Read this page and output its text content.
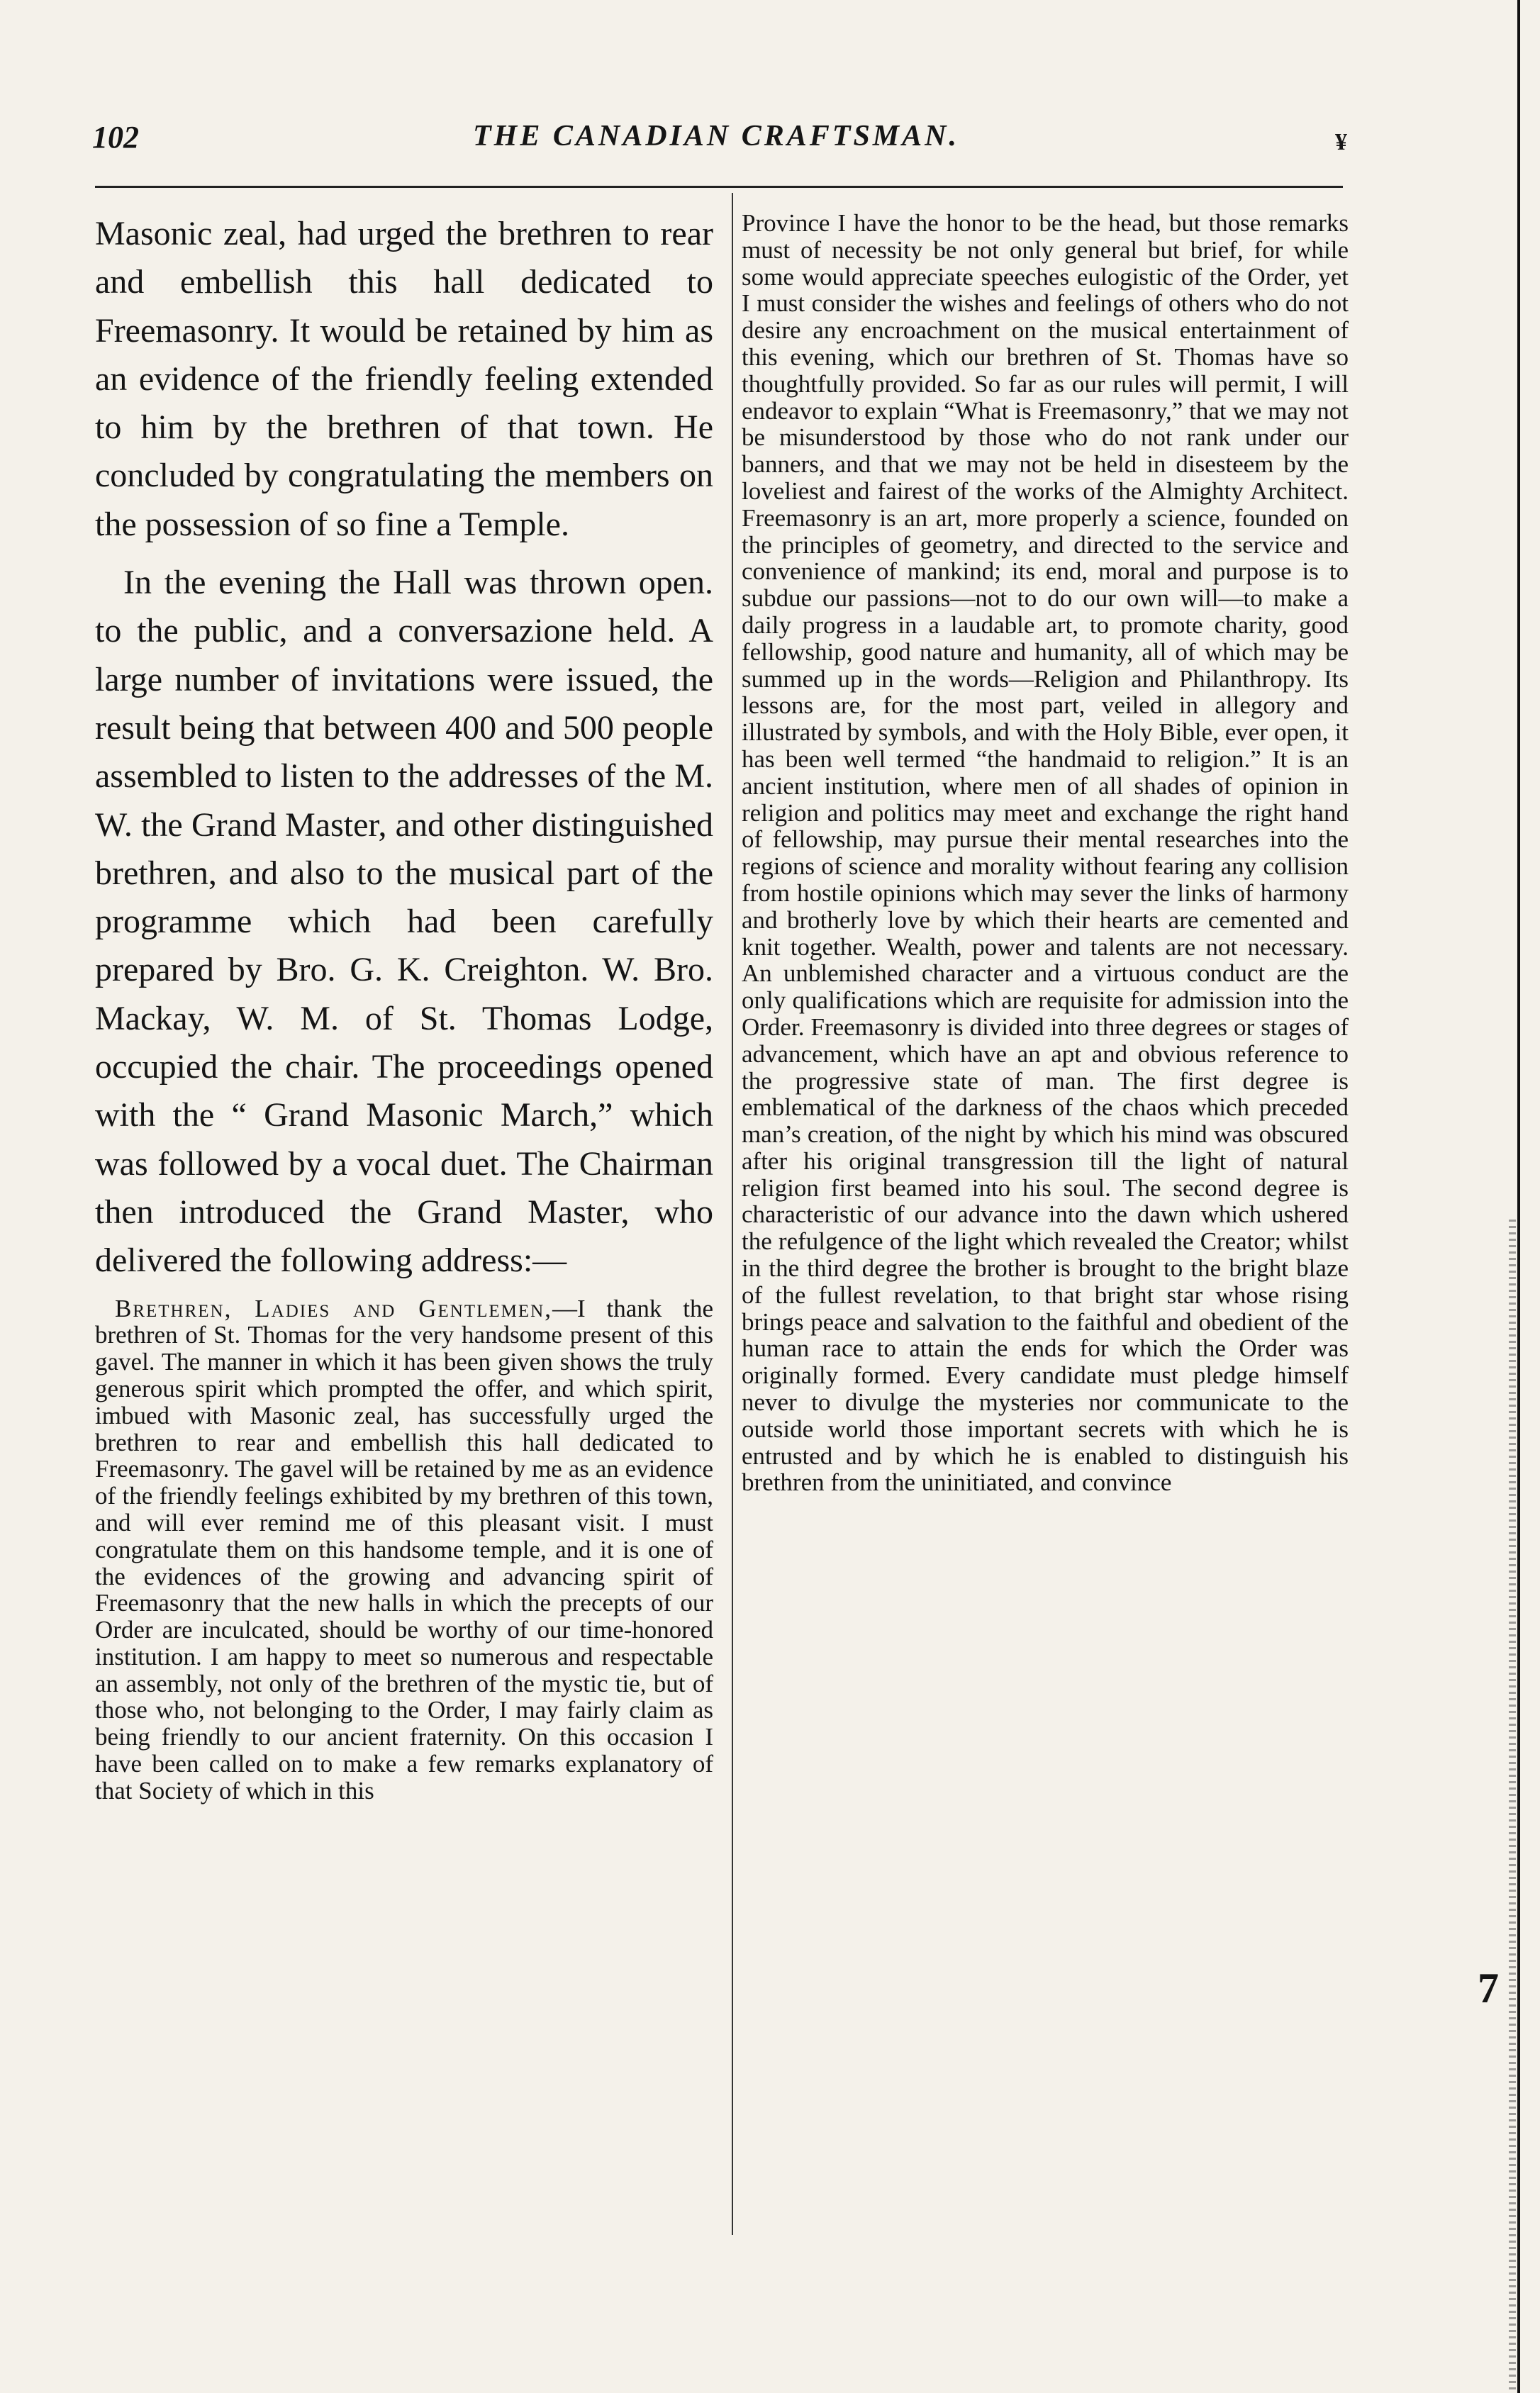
102	THE CANADIAN CRAFTSMAN.	¥

Masonic zeal, had urged the brethren to rear and embellish this hall dedicated to Freemasonry. It would be retained by him as an evidence of the friendly feeling extended to him by the brethren of that town. He concluded by congratulating the members on the possession of so fine a Temple.

In the evening the Hall was thrown open. to the public, and a conversazione held. A large number of invitations were issued, the result being that between 400 and 500 people assembled to listen to the addresses of the M. W. the Grand Master, and other distinguished brethren, and also to the musical part of the programme which had been carefully prepared by Bro. G. K. Creighton. W. Bro. Mackay, W. M. of St. Thomas Lodge, occupied the chair. The proceedings opened with the “ Grand Masonic March,” which was followed by a vocal duet. The Chairman then introduced the Grand Master, who delivered the following address:—

Brethren, Ladies and Gentlemen,—I thank the brethren of St. Thomas for the very handsome present of this gavel. The manner in which it has been given shows the truly generous spirit which prompted the offer, and which spirit, imbued with Masonic zeal, has successfully urged the brethren to rear and embellish this hall dedicated to Freemasonry. The gavel will be retained by me as an evidence of the friendly feelings exhibited by my brethren of this town, and will ever remind me of this pleasant visit. I must congratulate them on this handsome temple, and it is one of the evidences of the growing and advancing spirit of Freemasonry that the new halls in which the precepts of our Order are inculcated, should be worthy of our time-honored institution. I am happy to meet so numerous and respectable an assembly, not only of the brethren of the mystic tie, but of those who, not belonging to the Order, I may fairly claim as being friendly to our ancient fraternity. On this occasion I have been called on to make a few remarks explanatory of that Society of which in this

Province I have the honor to be the head, but those remarks must of necessity be not only general but brief, for while some would appreciate speeches eulogistic of the Order, yet I must consider the wishes and feelings of others who do not desire any encroachment on the musical entertainment of this evening, which our brethren of St. Thomas have so thoughtfully provided. So far as our rules will permit, I will endeavor to explain “What is Freemasonry,” that we may not be misunderstood by those who do not rank under our banners, and that we may not be held in disesteem by the loveliest and fairest of the works of the Almighty Architect. Freemasonry is an art, more properly a science, founded on the principles of geometry, and directed to the service and convenience of mankind; its end, moral and purpose is to subdue our passions—not to do our own will—to make a daily progress in a laudable art, to promote charity, good fellowship, good nature and humanity, all of which may be summed up in the words—Religion and Philanthropy. Its lessons are, for the most part, veiled in allegory and illustrated by symbols, and with the Holy Bible, ever open, it has been well termed “the handmaid to religion.” It is an ancient institution, where men of all shades of opinion in religion and politics may meet and exchange the right hand of fellowship, may pursue their mental researches into the regions of science and morality without fearing any collision from hostile opinions which may sever the links of harmony and brotherly love by which their hearts are cemented and knit together. Wealth, power and talents are not necessary. An unblemished character and a virtuous conduct are the only qualifications which are requisite for admission into the Order. Freemasonry is divided into three degrees or stages of advancement, which have an apt and obvious reference to the progressive state of man. The first degree is emblematical of the darkness of the chaos which preceded man’s creation, of the night by which his mind was obscured after his original transgression till the light of natural religion first beamed into his soul. The second degree is characteristic of our advance into the dawn which ushered the refulgence of the light which revealed the Creator; whilst in the third degree the brother is brought to the bright blaze of the fullest revelation, to that bright star whose rising brings peace and salvation to the faithful and obedient of the human race to attain the ends for which the Order was originally formed. Every candidate must pledge himself never to divulge the mysteries nor communicate to the outside world those important secrets with which he is entrusted and by which he is enabled to distinguish his brethren from the uninitiated, and convince

7
